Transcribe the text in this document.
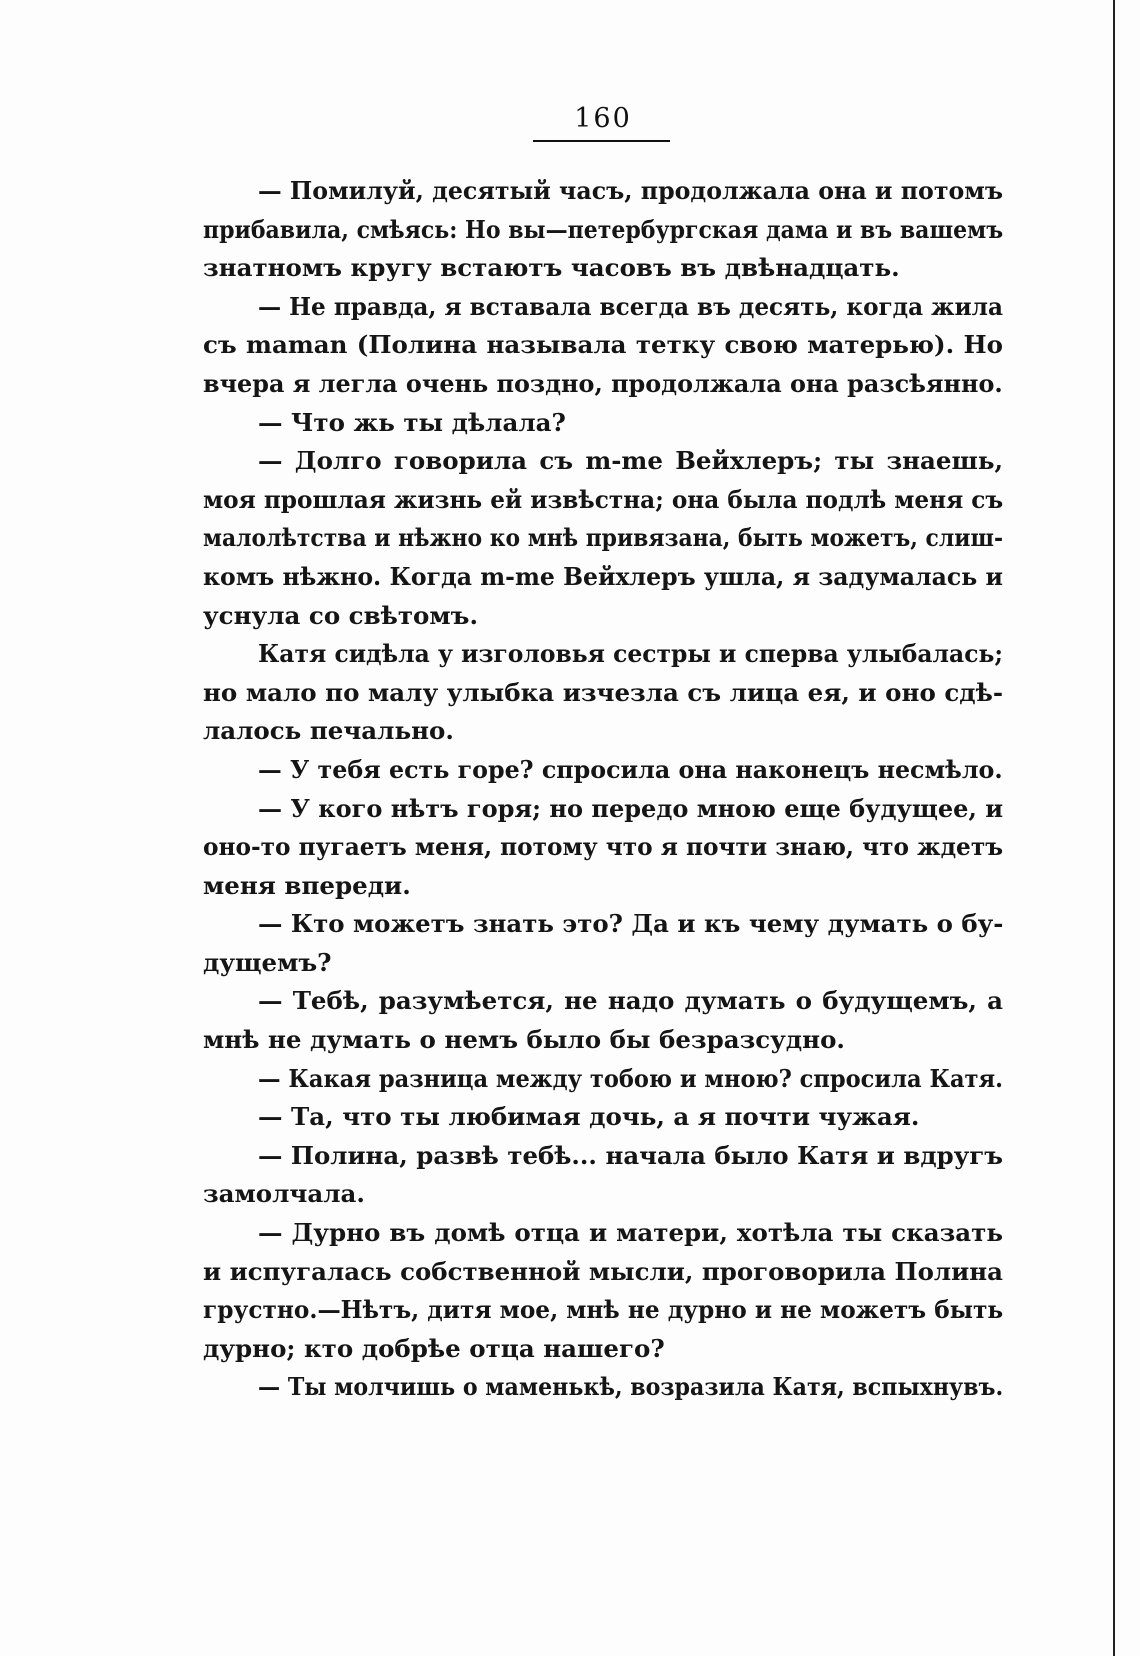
160
— Помилуй, десятый часъ, продолжала она и потомъ
прибавила, смѣясь: Но вы—петербургская дама и въ вашемъ
знатномъ кругу встаютъ часовъ въ двѣнадцать.
— Не правда, я вставала всегда въ десять, когда жила
съ maman (Полина называла тетку свою матерью). Но
вчера я легла очень поздно, продолжала она разсѣянно.
— Что жь ты дѣлала?
— Долго говорила съ m-me Вейхлеръ; ты знаешь,
моя прошлая жизнь ей извѣстна; она была подлѣ меня съ
малолѣтства и нѣжно ко мнѣ привязана, быть можетъ, слиш-
комъ нѣжно. Когда m-me Вейхлеръ ушла, я задумалась и
уснула со свѣтомъ.
Катя сидѣла у изголовья сестры и сперва улыбалась;
но мало по малу улыбка изчезла съ лица ея, и оно сдѣ-
лалось печально.
— У тебя есть горе? спросила она наконецъ несмѣло.
— У кого нѣтъ горя; но передо мною еще будущее, и
оно-то пугаетъ меня, потому что я почти знаю, что ждетъ
меня впереди.
— Кто можетъ знать это? Да и къ чему думать о бу-
дущемъ?
— Тебѣ, разумѣется, не надо думать о будущемъ, а
мнѣ не думать о немъ было бы безразсудно.
— Какая разница между тобою и мною? спросила Катя.
— Та, что ты любимая дочь, а я почти чужая.
— Полина, развѣ тебѣ... начала было Катя и вдругъ
замолчала.
— Дурно въ домѣ отца и матери, хотѣла ты сказать
и испугалась собственной мысли, проговорила Полина
грустно.—Нѣтъ, дитя мое, мнѣ не дурно и не можетъ быть
дурно; кто добрѣе отца нашего?
— Ты молчишь о маменькѣ, возразила Катя, вспыхнувъ.
